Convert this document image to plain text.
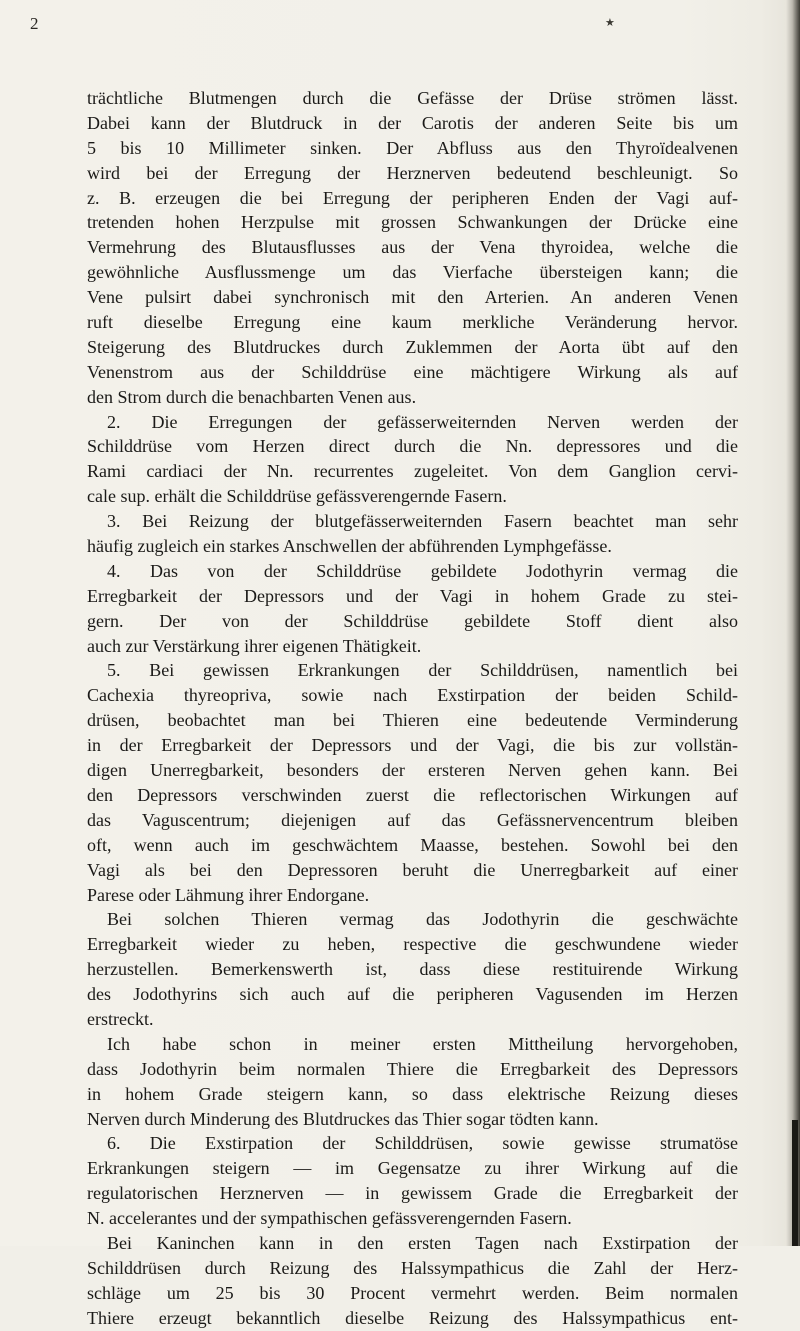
2	★
trächtliche Blutmengen durch die Gefässe der Drüse strömen lässt.
Dabei kann der Blutdruck in der Carotis der anderen Seite bis um
5 bis 10 Millimeter sinken. Der Abfluss aus den Thyroïdealvenen
wird bei der Erregung der Herznerven bedeutend beschleunigt. So
z. B. erzeugen die bei Erregung der peripheren Enden der Vagi auf-
tretenden hohen Herzpulse mit grossen Schwankungen der Drücke eine
Vermehrung des Blutausflusses aus der Vena thyroidea, welche die
gewöhnliche Ausflussmenge um das Vierfache übersteigen kann; die
Vene pulsirt dabei synchronisch mit den Arterien. An anderen Venen
ruft dieselbe Erregung eine kaum merkliche Veränderung hervor.
Steigerung des Blutdruckes durch Zuklemmen der Aorta übt auf den
Venenstrom aus der Schilddrüse eine mächtigere Wirkung als auf
den Strom durch die benachbarten Venen aus.
2. Die Erregungen der gefässerweiternden Nerven werden der
Schilddrüse vom Herzen direct durch die Nn. depressores und die
Rami cardiaci der Nn. recurrentes zugeleitet. Von dem Ganglion cervi-
cale sup. erhält die Schilddrüse gefässverengernde Fasern.
3. Bei Reizung der blutgefässerweiternden Fasern beachtet man sehr
häufig zugleich ein starkes Anschwellen der abführenden Lymphgefässe.
4. Das von der Schilddrüse gebildete Jodothyrin vermag die
Erregbarkeit der Depressors und der Vagi in hohem Grade zu stei-
gern. Der von der Schilddrüse gebildete Stoff dient also
auch zur Verstärkung ihrer eigenen Thätigkeit.
5. Bei gewissen Erkrankungen der Schilddrüsen, namentlich bei
Cachexia thyreopriva, sowie nach Exstirpation der beiden Schild-
drüsen, beobachtet man bei Thieren eine bedeutende Verminderung
in der Erregbarkeit der Depressors und der Vagi, die bis zur vollstän-
digen Unerregbarkeit, besonders der ersteren Nerven gehen kann. Bei
den Depressors verschwinden zuerst die reflectorischen Wirkungen auf
das Vaguscentrum; diejenigen auf das Gefässnervencentrum bleiben
oft, wenn auch im geschwächtem Maasse, bestehen. Sowohl bei den
Vagi als bei den Depressoren beruht die Unerregbarkeit auf einer
Parese oder Lähmung ihrer Endorgane.
Bei solchen Thieren vermag das Jodothyrin die geschwächte
Erregbarkeit wieder zu heben, respective die geschwundene wieder
herzustellen. Bemerkenswerth ist, dass diese restituirende Wirkung
des Jodothyrins sich auch auf die peripheren Vagusenden im Herzen
erstreckt.
Ich habe schon in meiner ersten Mittheilung hervorgehoben,
dass Jodothyrin beim normalen Thiere die Erregbarkeit des Depressors
in hohem Grade steigern kann, so dass elektrische Reizung dieses
Nerven durch Minderung des Blutdruckes das Thier sogar tödten kann.
6. Die Exstirpation der Schilddrüsen, sowie gewisse strumatöse
Erkrankungen steigern — im Gegensatze zu ihrer Wirkung auf die
regulatorischen Herznerven — in gewissem Grade die Erregbarkeit der
N. accelerantes und der sympathischen gefässverengernden Fasern.
Bei Kaninchen kann in den ersten Tagen nach Exstirpation der
Schilddrüsen durch Reizung des Halssympathicus die Zahl der Herz-
schläge um 25 bis 30 Procent vermehrt werden. Beim normalen
Thiere erzeugt bekanntlich dieselbe Reizung des Halssympathicus ent-
